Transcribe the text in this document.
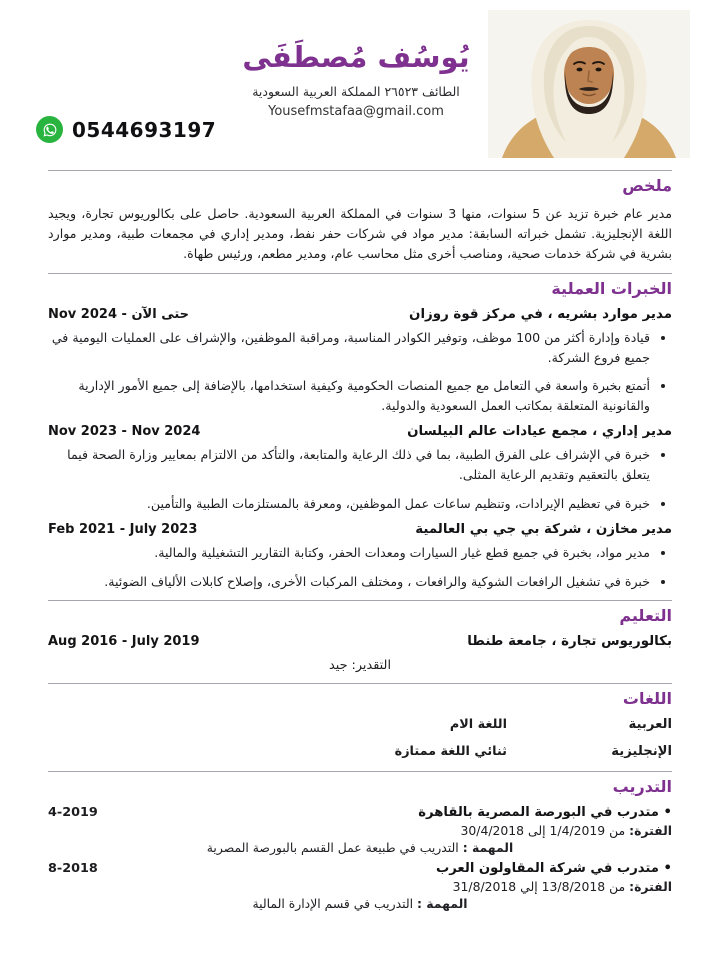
0544693197
يُوسُف مُصطَفَى
الطائف ٢٦٥٢٣ المملكة العربية السعودية
Yousefmstafaa@gmail.com
ملخص

مدير عام خبرة تزيد عن 5 سنوات، منها 3 سنوات في المملكة العربية السعودية. حاصل على بكالوريوس تجارة، ويجيد اللغة الإنجليزية. تشمل خبراته السابقة: مدير مواد في شركات حفر نفط، ومدير إداري في مجمعات طبية، ومدير موارد بشرية في شركة خدمات صحية، ومناصب أخرى مثل محاسب عام، ومدير مطعم، ورئيس طهاة.

الخبرات العملية
مدير موارد بشريه ، في مركز قوة روزان
Nov 2024 - حتى الآن
• قيادة وإدارة أكثر من 100 موظف، وتوفير الكوادر المناسبة، ومراقبة الموظفين، والإشراف على العمليات اليومية في جميع فروع الشركة.
• أتمتع بخبرة واسعة في التعامل مع جميع المنصات الحكومية وكيفية استخدامها، بالإضافة إلى جميع الأمور الإدارية والقانونية المتعلقة بمكاتب العمل السعودية والدولية.
مدير إداري ، مجمع عيادات عالم البيلسان
Nov 2023 - Nov 2024
• خبرة في الإشراف على الفرق الطبية، بما في ذلك الرعاية والمتابعة، والتأكد من الالتزام بمعايير وزارة الصحة فيما يتعلق بالتعقيم وتقديم الرعاية المثلى.
• خبرة في تعظيم الإيرادات، وتنظيم ساعات عمل الموظفين، ومعرفة بالمستلزمات الطبية والتأمين.
مدير مخازن ، شركة بي جي بي العالمية
Feb 2021 - July 2023
• مدير مواد، بخبرة في جميع قطع غيار السيارات ومعدات الحفر، وكتابة التقارير التشغيلية والمالية.
• خبرة في تشغيل الرافعات الشوكية والرافعات ، ومختلف المركبات الأخرى، وإصلاح كابلات الألياف الضوئية.
التعليم
بكالوريوس تجارة ، جامعة طنطا
Aug 2016 - July 2019
التقدير: جيد
اللغات
العربية
اللغة الام
الإنجليزية
ثنائي اللغة ممتازة
التدريب
• متدرب في البورصة المصرية بالقاهرة
4-2019
الفترة: من 1/4/2019 إلى 30/4/2018
المهمة : التدريب في طبيعة عمل القسم بالبورصة المصرية
• متدرب في شركة المقاولون العرب
8-2018
الفترة: من 13/8/2018 إلي 31/8/2018
المهمة : التدريب في قسم الإدارة المالية
